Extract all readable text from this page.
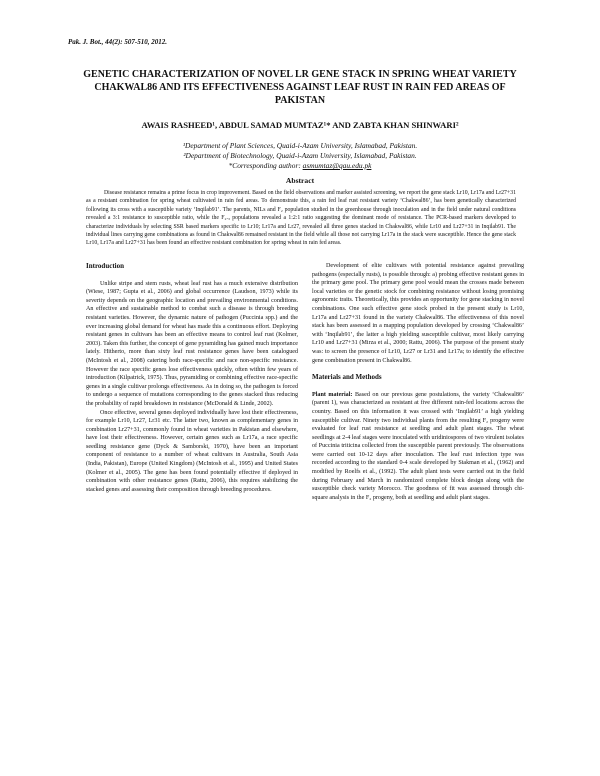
Pak. J. Bot., 44(2): 507-510, 2012.
GENETIC CHARACTERIZATION OF NOVEL LR GENE STACK IN SPRING WHEAT VARIETY CHAKWAL86 AND ITS EFFECTIVENESS AGAINST LEAF RUST IN RAIN FED AREAS OF PAKISTAN
AWAIS RASHEED¹, ABDUL SAMAD MUMTAZ¹* AND ZABTA KHAN SHINWARI²
¹Department of Plant Sciences, Quaid-i-Azam University, Islamabad, Pakistan.
²Department of Biotechnology, Quaid-i-Azam University, Islamabad, Pakistan.
*Corresponding author: asmumtaz@qau.edu.pk
Abstract
Disease resistance remains a prime focus in crop improvement. Based on the field observations and marker assisted screening, we report the gene stack Lr10, Lr17a and Lr27+31 as a resistant combination for spring wheat cultivated in rain fed areas. To demonstrate this, a rain fed leaf rust resistant variety ‘Chakwal86’, has been genetically characterized following its cross with a susceptible variety ‘Inqilab91’. The parents, NILs and F₂ population studied in the greenhouse through inoculation and in the field under natural conditions revealed a 3:1 resistance to susceptible ratio, while the F₂.₃ populations revealed a 1:2:1 ratio suggesting the dominant mode of resistance. The PCR-based markers developed to characterize individuals by selecting SSR based markers specific to Lr10; Lr17a and Lr27, revealed all three genes stacked in Chakwal86, while Lr10 and Lr27+31 in Inqilab91. The individual lines carrying gene combinations as found in Chakwal86 remained resistant in the field while all those not carrying Lr17a in the stack were susceptible. Hence the gene stack Lr10, Lr17a and Lr27+31 has been found an effective resistant combination for spring wheat in rain fed areas.
Introduction

Unlike stripe and stem rusts, wheat leaf rust has a much extensive distribution (Wiese, 1987; Gupta et al., 2006) and global occurrence (Laudson, 1973) while its severity depends on the geographic location and prevailing environmental conditions. An effective and sustainable method to combat such a disease is through breeding resistant varieties. However, the dynamic nature of pathogen (Puccinia spp.) and the ever increasing global demand for wheat has made this a continuous effort. Deploying resistant genes in cultivars has been an effective means to control leaf rust (Kolmer, 2003). Taken this further, the concept of gene pyramiding has gained much importance lately. Hitherto, more than sixty leaf rust resistance genes have been catalogued (McIntosh et al., 2008) catering both race-specific and race non-specific resistance. However the race specific genes lose effectiveness quickly, often within few years of introduction (Kilpatrick, 1975). Thus, pyramiding or combining effective race-specific genes in a single cultivar prolongs effectiveness. As in doing so, the pathogen is forced to undergo a sequence of mutations corresponding to the genes stacked thus reducing the probability of rapid breakdown in resistance (McDonald & Linde, 2002).

Once effective, several genes deployed individually have lost their effectiveness, for example Lr10, Lr27, Lr31 etc. The latter two, known as complementary genes in combination Lr27+31, commonly found in wheat varieties in Pakistan and elsewhere, have lost their effectiveness. However, certain genes such as Lr17a, a race specific seedling resistance gene (Dyck & Samborski, 1970), have been an important component of resistance to a number of wheat cultivars in Australia, South Asia (India, Pakistan), Europe (United Kingdom) (McIntosh et al., 1995) and United States (Kolmer et al., 2005). The gene has been found potentially effective if deployed in combination with other resistance genes (Rattu, 2006), this requires stabilizing the stacked genes and assessing their composition through breeding procedures.

Development of elite cultivars with potential resistance against prevailing pathogens (especially rusts), is possible through: a) probing effective resistant genes in the primary gene pool. The primary gene pool would mean the crosses made between local varieties or the genetic stock for combining resistance without losing promising agronomic traits. Theoretically, this provides an opportunity for gene stacking in novel combinations. One such effective gene stock probed in the present study is Lr10, Lr17a and Lr27+31 found in the variety Chakwal86. The effectiveness of this novel stack has been assessed in a mapping population developed by crossing ‘Chakwal86’ with ‘Inqilab91’, the latter a high yielding susceptible cultivar, most likely carrying Lr10 and Lr27+31 (Mirza et al., 2000; Rattu, 2006). The purpose of the present study was: to screen the presence of Lr10, Lr27 or Lr31 and Lr17a; to identify the effective gene combination present in Chakwal86.

Materials and Methods

Plant material: Based on our previous gene postulations, the variety ‘Chakwal86’ (parent 1), was characterized as resistant at five different rain-fed locations across the country. Based on this information it was crossed with ‘Inqilab91’ a high yielding susceptible cultivar. Ninety two individual plants from the resulting F₂ progeny were evaluated for leaf rust resistance at seedling and adult plant stages. The wheat seedlings at 2-4 leaf stages were inoculated with uridiniospores of two virulent isolates of Puccinia triticina collected from the susceptible parent previously. The observations were carried out 10-12 days after inoculation. The leaf rust infection type was recorded according to the standard 0-4 scale developed by Stakman et al., (1962) and modified by Roelfs et al., (1992). The adult plant tests were carried out in the field during February and March in randomized complete block design along with the susceptible check variety Morocco. The goodness of fit was assessed through chi-square analysis in the F₂ progeny, both at seedling and adult plant stages.
